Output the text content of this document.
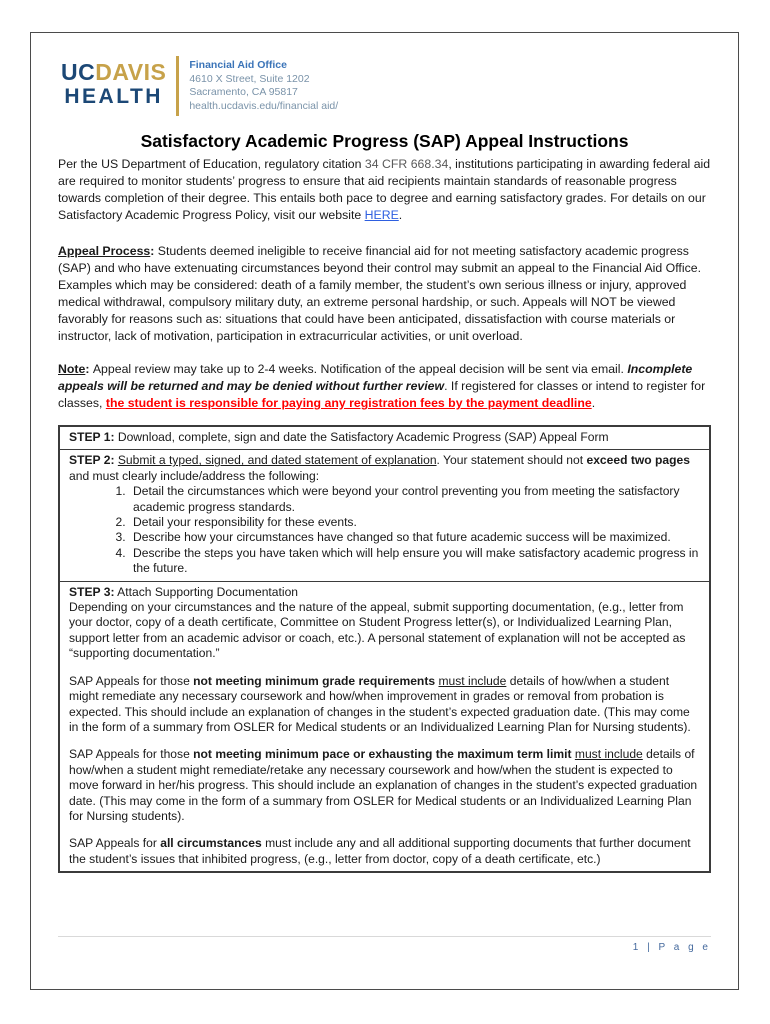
UCDAVIS
HEALTH
Financial Aid Office
4610 X Street, Suite 1202
Sacramento, CA 95817
health.ucdavis.edu/financial aid/
Satisfactory Academic Progress (SAP) Appeal Instructions

Per the US Department of Education, regulatory citation 34 CFR 668.34, institutions participating in awarding federal aid are required to monitor students’ progress to ensure that aid recipients maintain standards of reasonable progress towards completion of their degree. This entails both pace to degree and earning satisfactory grades. For details on our Satisfactory Academic Progress Policy, visit our website HERE.

Appeal Process: Students deemed ineligible to receive financial aid for not meeting satisfactory academic progress (SAP) and who have extenuating circumstances beyond their control may submit an appeal to the Financial Aid Office. Examples which may be considered: death of a family member, the student’s own serious illness or injury, approved medical withdrawal, compulsory military duty, an extreme personal hardship, or such. Appeals will NOT be viewed favorably for reasons such as: situations that could have been anticipated, dissatisfaction with course materials or instructor, lack of motivation, participation in extracurricular activities, or unit overload.

Note: Appeal review may take up to 2-4 weeks. Notification of the appeal decision will be sent via email. Incomplete appeals will be returned and may be denied without further review. If registered for classes or intend to register for classes, the student is responsible for paying any registration fees by the payment deadline.

STEP 1: Download, complete, sign and date the Satisfactory Academic Progress (SAP) Appeal Form

STEP 2: Submit a typed, signed, and dated statement of explanation. Your statement should not exceed two pages and must clearly include/address the following:
1. Detail the circumstances which were beyond your control preventing you from meeting the satisfactory academic progress standards.
2. Detail your responsibility for these events.
3. Describe how your circumstances have changed so that future academic success will be maximized.
4. Describe the steps you have taken which will help ensure you will make satisfactory academic progress in the future.

STEP 3: Attach Supporting Documentation
Depending on your circumstances and the nature of the appeal, submit supporting documentation, (e.g., letter from your doctor, copy of a death certificate, Committee on Student Progress letter(s), or Individualized Learning Plan, support letter from an academic advisor or coach, etc.). A personal statement of explanation will not be accepted as “supporting documentation.”
SAP Appeals for those not meeting minimum grade requirements must include details of how/when a student might remediate any necessary coursework and how/when improvement in grades or removal from probation is expected. This should include an explanation of changes in the student’s expected graduation date. (This may come in the form of a summary from OSLER for Medical students or an Individualized Learning Plan for Nursing students).
SAP Appeals for those not meeting minimum pace or exhausting the maximum term limit must include details of how/when a student might remediate/retake any necessary coursework and how/when the student is expected to move forward in her/his progress. This should include an explanation of changes in the student’s expected graduation date. (This may come in the form of a summary from OSLER for Medical students or an Individualized Learning Plan for Nursing students).
SAP Appeals for all circumstances must include any and all additional supporting documents that further document the student’s issues that inhibited progress, (e.g., letter from doctor, copy of a death certificate, etc.)
1 | P a g e
